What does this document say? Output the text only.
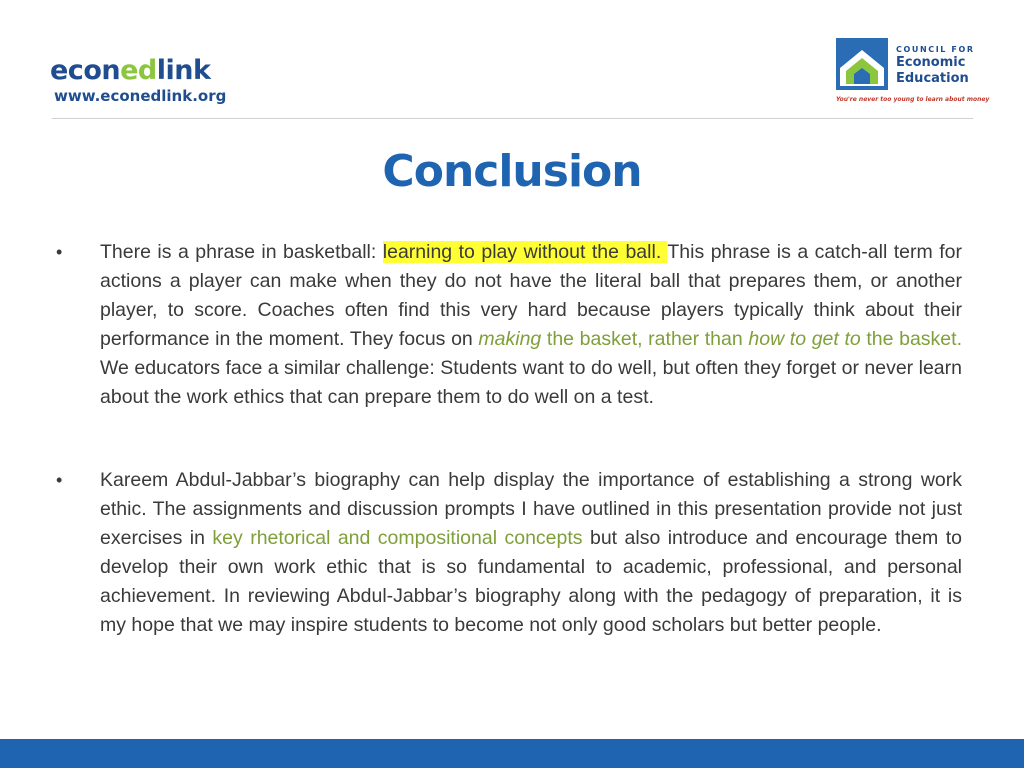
econedlink
www.econedlink.org
COUNCIL FOR
Economic
Education
You're never too young to learn about money
Conclusion

• There is a phrase in basketball: learning to play without the ball. This phrase is a catch-all term for actions a player can make when they do not have the literal ball that prepares them, or another player, to score. Coaches often find this very hard because players typically think about their performance in the moment. They focus on making the basket, rather than how to get to the basket. We educators face a similar challenge: Students want to do well, but often they forget or never learn about the work ethics that can prepare them to do well on a test.

• Kareem Abdul-Jabbar’s biography can help display the importance of establishing a strong work ethic. The assignments and discussion prompts I have outlined in this presentation provide not just exercises in key rhetorical and compositional concepts but also introduce and encourage them to develop their own work ethic that is so fundamental to academic, professional, and personal achievement. In reviewing Abdul-Jabbar’s biography along with the pedagogy of preparation, it is my hope that we may inspire students to become not only good scholars but better people.
